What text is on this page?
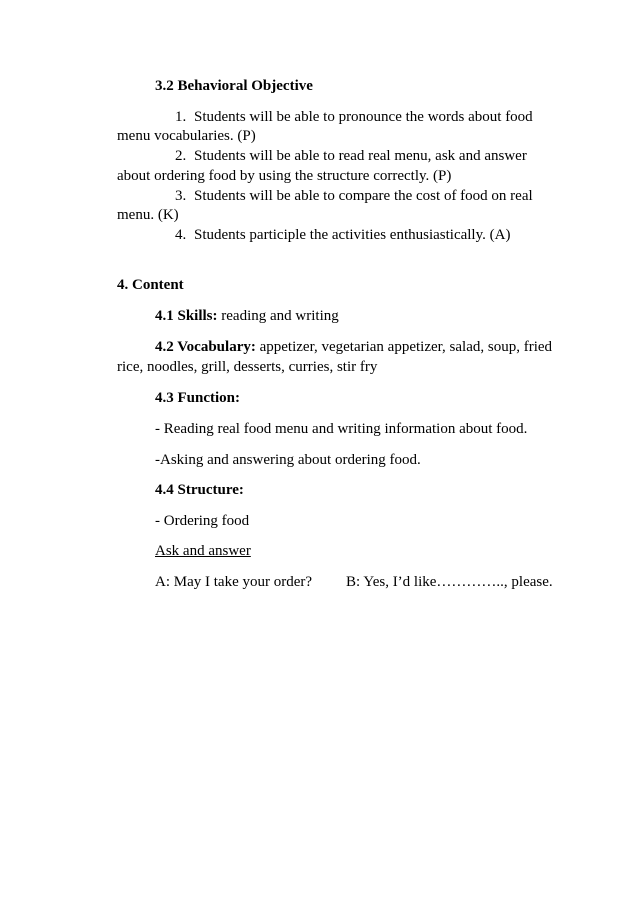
3.2 Behavioral Objective
1. Students will be able to pronounce the words about food
menu vocabularies. (P)
2. Students will be able to read real menu, ask and answer
about ordering food by using the structure correctly. (P)
3. Students will be able to compare the cost of food on real
menu. (K)
4. Students participle the activities enthusiastically. (A)
4. Content
4.1 Skills: reading and writing
4.2 Vocabulary: appetizer, vegetarian appetizer, salad, soup, fried
rice, noodles, grill, desserts, curries, stir fry
4.3 Function:
- Reading real food menu and writing information about food.
-Asking and answering about ordering food.
4.4 Structure:
- Ordering food
Ask and answer
A: May I take your order? B: Yes, I’d like………….., please.
